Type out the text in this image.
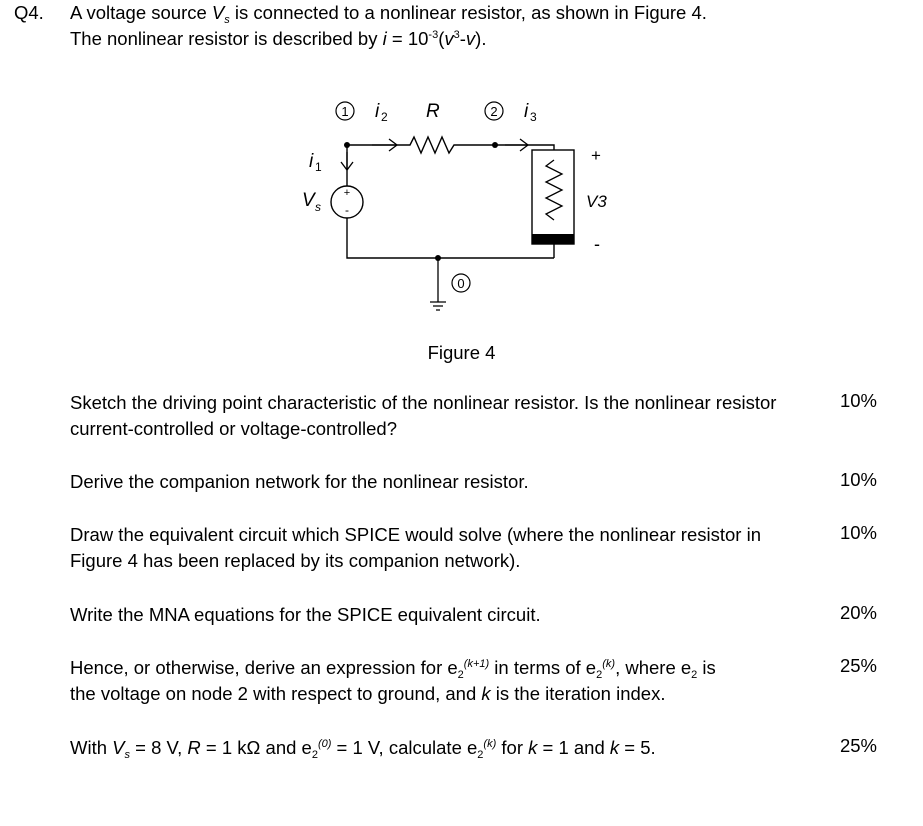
Q4. A voltage source $V_s$ is connected to a nonlinear resistor, as shown in Figure 4.
The nonlinear resistor is described by $i = 10^{-3}(v^3-v)$.
+
-
1	2
0
i 2 R	i 3
i 1
V s
+
V3
-
Figure 4
Sketch the driving point characteristic of the nonlinear resistor. Is the nonlinear resistor current-controlled or voltage-controlled?
10%
Derive the companion network for the nonlinear resistor.	10%
Draw the equivalent circuit which SPICE would solve (where the nonlinear resistor in Figure 4 has been replaced by its companion network).
10%
Write the MNA equations for the SPICE equivalent circuit.	20%
Hence, or otherwise, derive an expression for $e_2^{(k+1)}$ in terms of $e_2^{(k)}$, where $e_2$ is
the voltage on node 2 with respect to ground, and k is the iteration index.
25%
With $V_s = 8$ V, R = 1 kΩ and $e_2^{(0)} = 1$ V, calculate $e_2^{(k)}$ for k = 1 and k = 5.	25%
